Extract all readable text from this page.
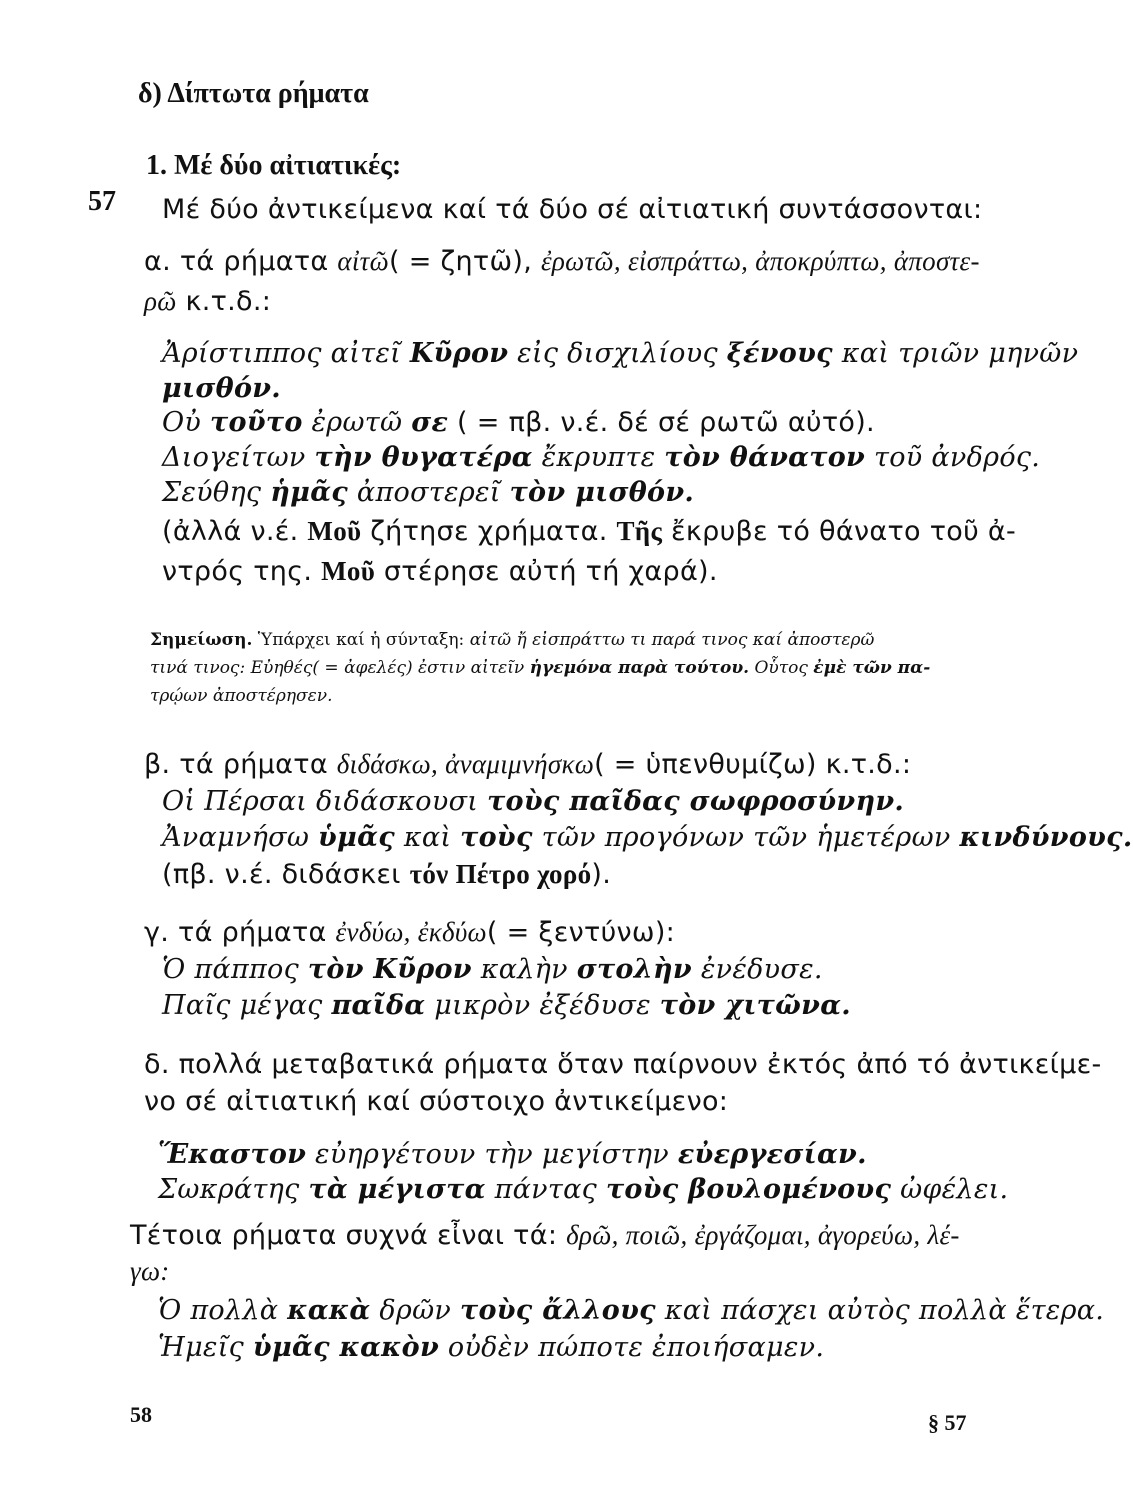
δ) Δίπτωτα ρήματα
57
1. Μέ δύο αἰτιατικές:
Μέ δύο ἀντικείμενα καί τά δύο σέ αἰτιατική συντάσσονται:
α. τά ρήματα αἰτῶ( = ζητῶ), ἐρωτῶ, εἰσπράττω, ἀποκρύπτω, ἀποστε-
ρῶ κ.τ.δ.:
Ἀρίστιππος αἰτεῖ Κῦρον εἰς δισχιλίους ξένους καὶ τριῶν μηνῶν
μισθόν.
Οὐ τοῦτο ἐρωτῶ σε ( = πβ. ν.έ. δέ σέ ρωτῶ αὐτό).
Διογείτων τὴν θυγατέρα ἔκρυπτε τὸν θάνατον τοῦ ἀνδρός.
Σεύθης ἡμᾶς ἀποστερεῖ τὸν μισθόν.
(ἀλλά ν.έ. Μοῦ ζήτησε χρήματα. Τῆς ἔκρυβε τό θάνατο τοῦ ἀ-
ντρός της. Μοῦ στέρησε αὐτή τή χαρά).
Σημείωση. Ὑπάρχει καί ἡ σύνταξη: αἰτῶ ἤ εἰσπράττω τι παρά τινος καί ἀποστερῶ
τινά τινος: Εὐηθές( = ἀφελές) ἐστιν αἰτεῖν ἡγεμόνα παρὰ τούτου. Οὗτος ἐμὲ τῶν πα-
τρῴων ἀποστέρησεν.
β. τά ρήματα διδάσκω, ἀναμιμνήσκω( = ὑπενθυμίζω) κ.τ.δ.:
Οἱ Πέρσαι διδάσκουσι τοὺς παῖδας σωφροσύνην.
Ἀναμνήσω ὑμᾶς καὶ τοὺς τῶν προγόνων τῶν ἡμετέρων κινδύνους.
(πβ. ν.έ. διδάσκει τόν Πέτρο χορό).
γ. τά ρήματα ἐνδύω, ἐκδύω( = ξεντύνω):
Ὁ πάππος τὸν Κῦρον καλὴν στολὴν ἐνέδυσε.
Παῖς μέγας παῖδα μικρὸν ἐξέδυσε τὸν χιτῶνα.
δ. πολλά μεταβατικά ρήματα ὅταν παίρνουν ἐκτός ἀπό τό ἀντικείμε-
νο σέ αἰτιατική καί σύστοιχο ἀντικείμενο:
Ἕκαστον εὐηργέτουν τὴν μεγίστην εὐεργεσίαν.
Σωκράτης τὰ μέγιστα πάντας τοὺς βουλομένους ὠφέλει.
Τέτοια ρήματα συχνά εἶναι τά: δρῶ, ποιῶ, ἐργάζομαι, ἀγορεύω, λέ-
γω:
Ὁ πολλὰ κακὰ δρῶν τοὺς ἄλλους καὶ πάσχει αὐτὸς πολλὰ ἕτερα.
Ἡμεῖς ὑμᾶς κακὸν οὐδὲν πώποτε ἐποιήσαμεν.
58	§ 57
